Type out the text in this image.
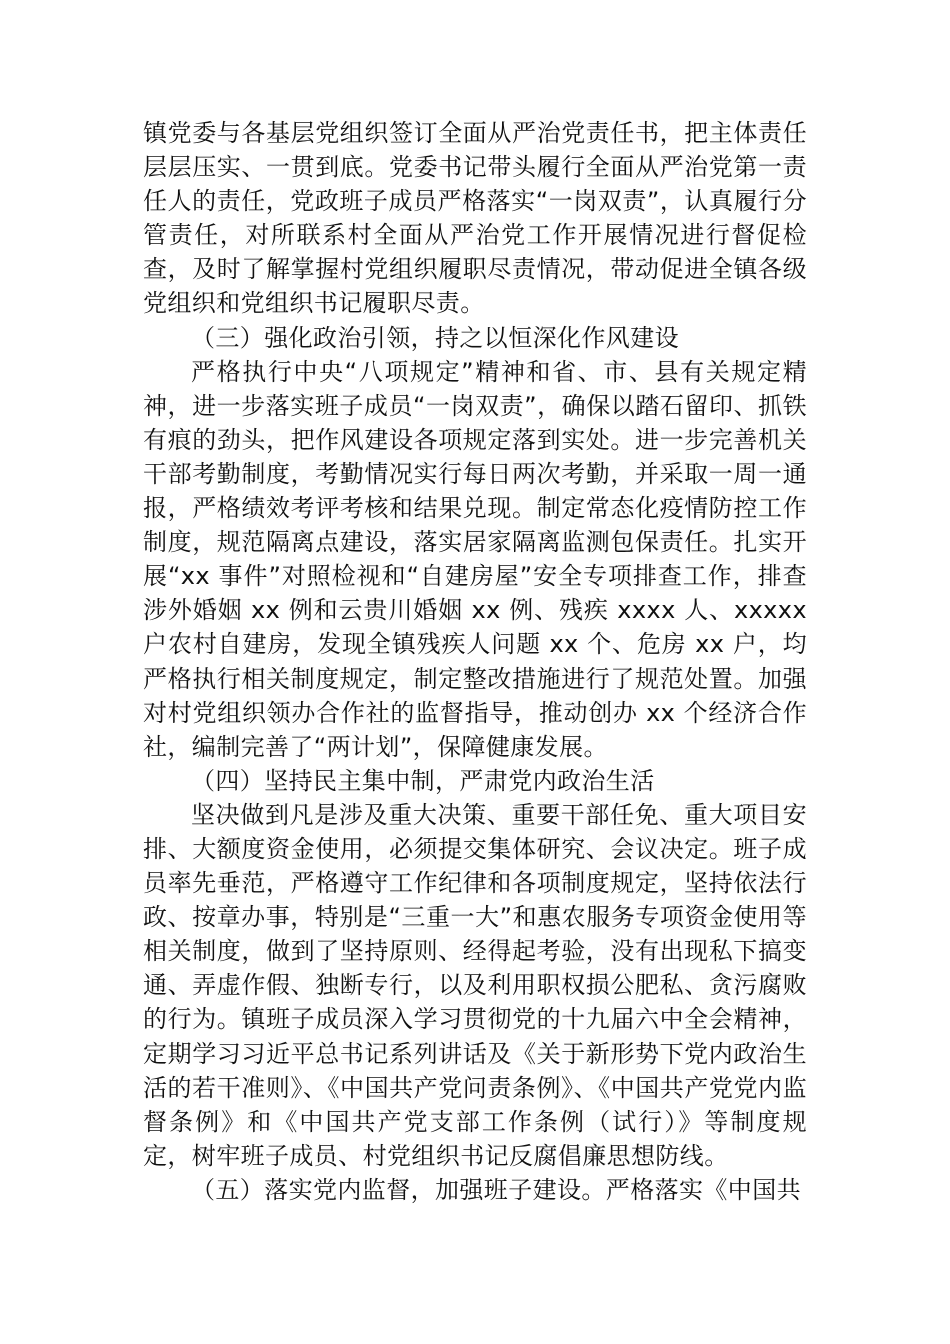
镇党委与各基层党组织签订全面从严治党责任书，把主体责任层层压实、一贯到底。党委书记带头履行全面从严治党第一责任人的责任，党政班子成员严格落实“一岗双责”，认真履行分管责任，对所联系村全面从严治党工作开展情况进行督促检查，及时了解掌握村党组织履职尽责情况，带动促进全镇各级党组织和党组织书记履职尽责。

（三）强化政治引领，持之以恒深化作风建设

严格执行中央“八项规定”精神和省、市、县有关规定精神，进一步落实班子成员“一岗双责”，确保以踏石留印、抓铁有痕的劲头，把作风建设各项规定落到实处。进一步完善机关干部考勤制度，考勤情况实行每日两次考勤，并采取一周一通报，严格绩效考评考核和结果兑现。制定常态化疫情防控工作制度，规范隔离点建设，落实居家隔离监测包保责任。扎实开展“xx 事件”对照检视和“自建房屋”安全专项排查工作，排查涉外婚姻 xx 例和云贵川婚姻 xx 例、残疾 xxxx 人、xxxxx户农村自建房，发现全镇残疾人问题 xx 个、危房 xx 户，均严格执行相关制度规定，制定整改措施进行了规范处置。加强对村党组织领办合作社的监督指导，推动创办 xx 个经济合作社，编制完善了“两计划”，保障健康发展。

（四）坚持民主集中制，严肃党内政治生活

坚决做到凡是涉及重大决策、重要干部任免、重大项目安排、大额度资金使用，必须提交集体研究、会议决定。班子成员率先垂范，严格遵守工作纪律和各项制度规定，坚持依法行政、按章办事，特别是“三重一大”和惠农服务专项资金使用等相关制度，做到了坚持原则、经得起考验，没有出现私下搞变通、弄虚作假、独断专行，以及利用职权损公肥私、贪污腐败的行为。镇班子成员深入学习贯彻党的十九届六中全会精神，定期学习习近平总书记系列讲话及《关于新形势下党内政治生活的若干准则》、《中国共产党问责条例》、《中国共产党党内监督条例》和《中国共产党支部工作条例（试行）》等制度规定，树牢班子成员、村党组织书记反腐倡廉思想防线。

（五）落实党内监督，加强班子建设。严格落实《中国共
